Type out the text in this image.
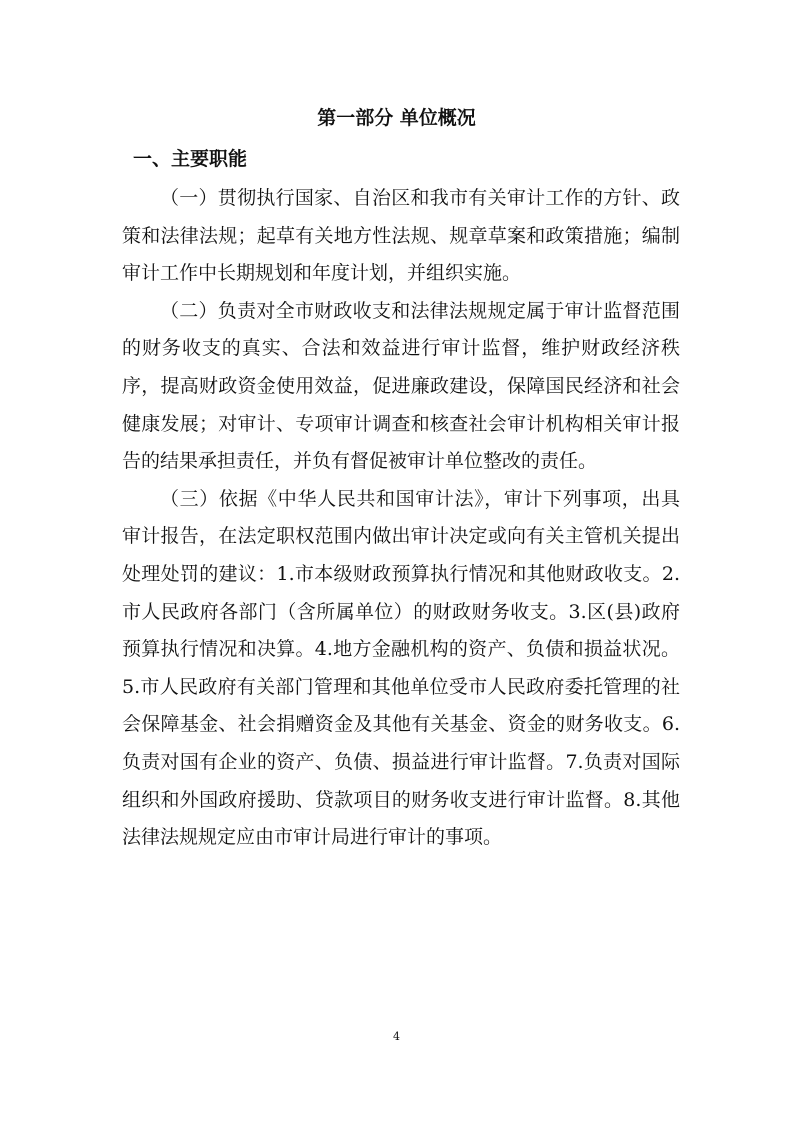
第一部分 单位概况
一、主要职能

（一）贯彻执行国家、自治区和我市有关审计工作的方针、政策和法律法规；起草有关地方性法规、规章草案和政策措施；编制审计工作中长期规划和年度计划，并组织实施。

（二）负责对全市财政收支和法律法规规定属于审计监督范围的财务收支的真实、合法和效益进行审计监督，维护财政经济秩序，提高财政资金使用效益，促进廉政建设，保障国民经济和社会健康发展；对审计、专项审计调查和核查社会审计机构相关审计报告的结果承担责任，并负有督促被审计单位整改的责任。

（三）依据《中华人民共和国审计法》，审计下列事项，出具审计报告，在法定职权范围内做出审计决定或向有关主管机关提出处理处罚的建议：1.市本级财政预算执行情况和其他财政收支。2.市人民政府各部门（含所属单位）的财政财务收支。3.区(县)政府预算执行情况和决算。4.地方金融机构的资产、负债和损益状况。5.市人民政府有关部门管理和其他单位受市人民政府委托管理的社会保障基金、社会捐赠资金及其他有关基金、资金的财务收支。6.负责对国有企业的资产、负债、损益进行审计监督。7.负责对国际组织和外国政府援助、贷款项目的财务收支进行审计监督。8.其他法律法规规定应由市审计局进行审计的事项。

4
